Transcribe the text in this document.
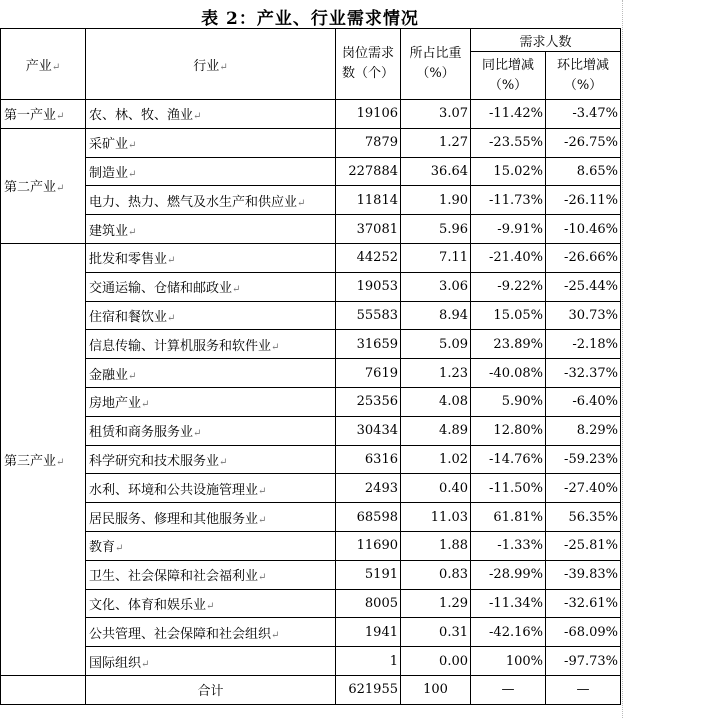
表 2：产业、行业需求情况
产业↵	行业↵	岗位需求数（个）	所占比重（%）	需求人数	
				同比增减（%）	环比增减（%）
第一产业↵	农、林、牧、渔业↵	19106	3.07	-11.42%	-3.47%
第二产业↵	采矿业↵	7879	1.27	-23.55%	-26.75%
	制造业↵	227884	36.64	15.02%	8.65%
	电力、热力、燃气及水生产和供应业↵	11814	1.90	-11.73%	-26.11%
	建筑业↵	37081	5.96	-9.91%	-10.46%
第三产业↵	批发和零售业↵	44252	7.11	-21.40%	-26.66%
	交通运输、仓储和邮政业↵	19053	3.06	-9.22%	-25.44%
	住宿和餐饮业↵	55583	8.94	15.05%	30.73%
	信息传输、计算机服务和软件业↵	31659	5.09	23.89%	-2.18%
	金融业↵	7619	1.23	-40.08%	-32.37%
	房地产业↵	25356	4.08	5.90%	-6.40%
	租赁和商务服务业↵	30434	4.89	12.80%	8.29%
	科学研究和技术服务业↵	6316	1.02	-14.76%	-59.23%
	水利、环境和公共设施管理业↵	2493	0.40	-11.50%	-27.40%
	居民服务、修理和其他服务业↵	68598	11.03	61.81%	56.35%
	教育↵	11690	1.88	-1.33%	-25.81%
	卫生、社会保障和社会福利业↵	5191	0.83	-28.99%	-39.83%
	文化、体育和娱乐业↵	8005	1.29	-11.34%	-32.61%
	公共管理、社会保障和社会组织↵	1941	0.31	-42.16%	-68.09%
	国际组织↵	1	0.00	100%	-97.73%
	合计	621955	100	—	—
